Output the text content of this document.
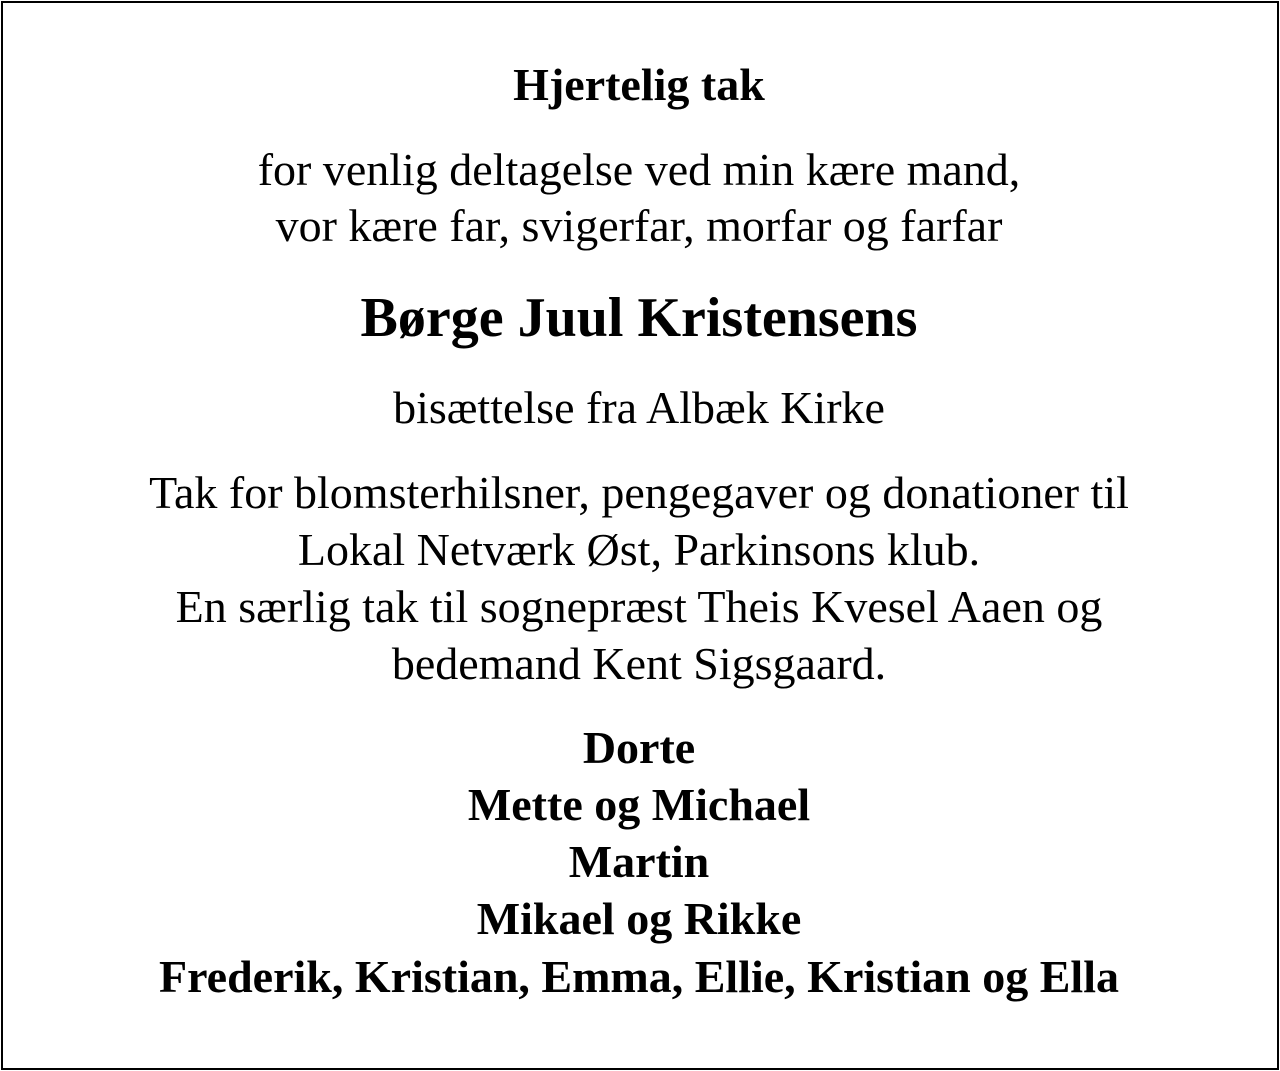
Hjertelig tak
for venlig deltagelse ved min kære mand,
vor kære far, svigerfar, morfar og farfar
Børge Juul Kristensens
bisættelse fra Albæk Kirke
Tak for blomsterhilsner, pengegaver og donationer til
Lokal Netværk Øst, Parkinsons klub.
En særlig tak til sognepræst Theis Kvesel Aaen og
bedemand Kent Sigsgaard.
Dorte
Mette og Michael
Martin
Mikael og Rikke
Frederik, Kristian, Emma, Ellie, Kristian og Ella
